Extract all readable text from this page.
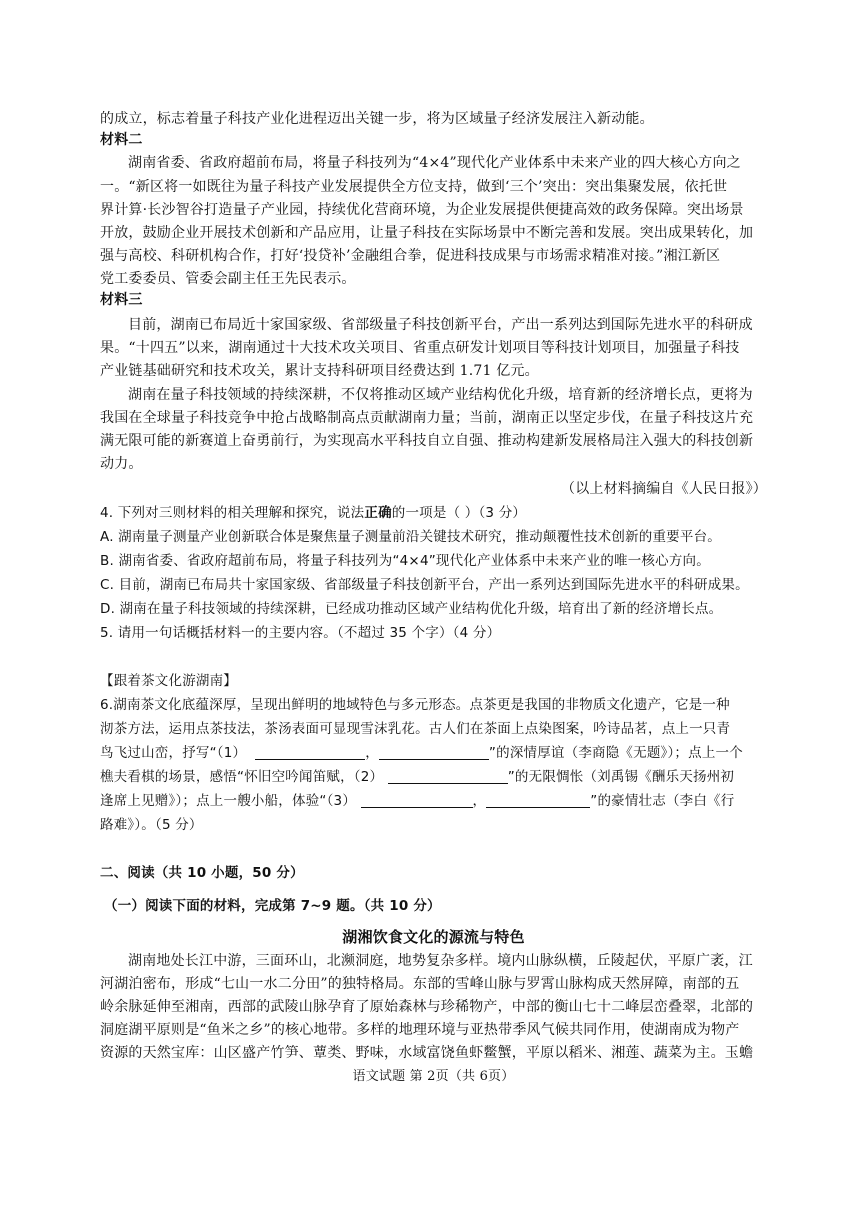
的成立，标志着量子科技产业化进程迈出关键一步，将为区域量子经济发展注入新动能。
材料二
湖南省委、省政府超前布局，将量子科技列为“4×4”现代化产业体系中未来产业的四大核心方向之
一。“新区将一如既往为量子科技产业发展提供全方位支持，做到‘三个’突出：突出集聚发展，依托世
界计算·长沙智谷打造量子产业园，持续优化营商环境，为企业发展提供便捷高效的政务保障。突出场景
开放，鼓励企业开展技术创新和产品应用，让量子科技在实际场景中不断完善和发展。突出成果转化，加
强与高校、科研机构合作，打好‘投贷补’金融组合拳，促进科技成果与市场需求精准对接。”湘江新区
党工委委员、管委会副主任王先民表示。
材料三
目前，湖南已布局近十家国家级、省部级量子科技创新平台，产出一系列达到国际先进水平的科研成
果。“十四五”以来，湖南通过十大技术攻关项目、省重点研发计划项目等科技计划项目，加强量子科技
产业链基础研究和技术攻关，累计支持科研项目经费达到 1.71 亿元。
湖南在量子科技领域的持续深耕，不仅将推动区域产业结构优化升级，培育新的经济增长点，更将为
我国在全球量子科技竞争中抢占战略制高点贡献湖南力量；当前，湖南正以坚定步伐，在量子科技这片充
满无限可能的新赛道上奋勇前行，为实现高水平科技自立自强、推动构建新发展格局注入强大的科技创新
动力。
（以上材料摘编自《人民日报》）
4. 下列对三则材料的相关理解和探究，说法正确的一项是（ ）（3 分）
A. 湖南量子测量产业创新联合体是聚焦量子测量前沿关键技术研究，推动颠覆性技术创新的重要平台。
B. 湖南省委、省政府超前布局，将量子科技列为“4×4”现代化产业体系中未来产业的唯一核心方向。
C. 目前，湖南已布局共十家国家级、省部级量子科技创新平台，产出一系列达到国际先进水平的科研成果。
D. 湖南在量子科技领域的持续深耕，已经成功推动区域产业结构优化升级，培育出了新的经济增长点。
5. 请用一句话概括材料一的主要内容。（不超过 35 个字）（4 分）
【跟着茶文化游湖南】
6.湖南茶文化底蕴深厚，呈现出鲜明的地域特色与多元形态。点茶更是我国的非物质文化遗产，它是一种
沏茶方法，运用点茶技法，茶汤表面可显现雪沫乳花。古人们在茶面上点染图案，吟诗品茗，点上一只青
鸟飞过山峦，抒写“（1）	，	”的深情厚谊（李商隐《无题》）；点上一个
樵夫看棋的场景，感悟“怀旧空吟闻笛赋，（2）	”的无限惆怅（刘禹锡《酬乐天扬州初
逢席上见赠》）；点上一艘小船，体验“（3）	，	”的豪情壮志（李白《行
路难》）。（5 分）
二、阅读（共 10 小题，50 分）
（一）阅读下面的材料，完成第 7~9 题。（共 10 分）
湖湘饮食文化的源流与特色
湖南地处长江中游，三面环山，北濒洞庭，地势复杂多样。境内山脉纵横，丘陵起伏，平原广袤，江
河湖泊密布，形成“七山一水二分田”的独特格局。东部的雪峰山脉与罗霄山脉构成天然屏障，南部的五
岭余脉延伸至湘南，西部的武陵山脉孕育了原始森林与珍稀物产，中部的衡山七十二峰层峦叠翠，北部的
洞庭湖平原则是“鱼米之乡”的核心地带。多样的地理环境与亚热带季风气候共同作用，使湖南成为物产
资源的天然宝库：山区盛产竹笋、蕈类、野味，水域富饶鱼虾鳖蟹，平原以稻米、湘莲、蔬菜为主。玉蟾
语文试题 第 2页（共 6页）
